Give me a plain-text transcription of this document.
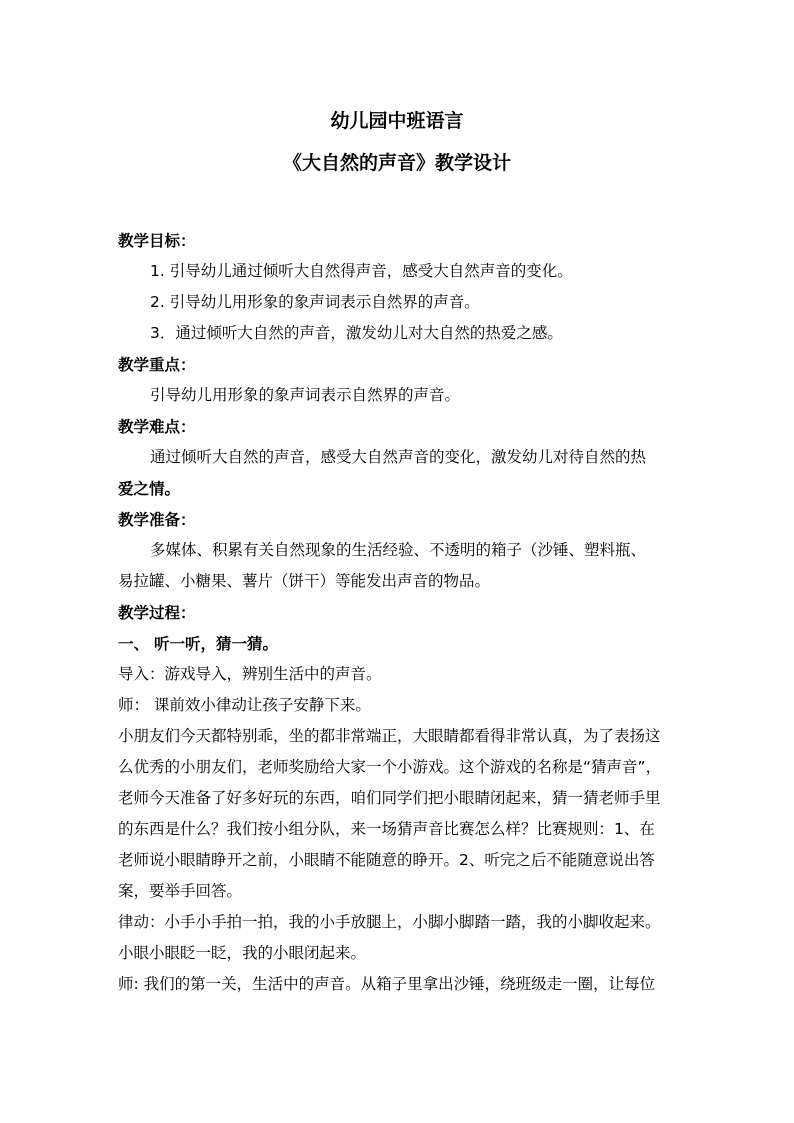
幼儿园中班语言
《大自然的声音》教学设计

教学目标：

1. 引导幼儿通过倾听大自然得声音，感受大自然声音的变化。

2. 引导幼儿用形象的象声词表示自然界的声音。

3．通过倾听大自然的声音，激发幼儿对大自然的热爱之感。

教学重点：

引导幼儿用形象的象声词表示自然界的声音。

教学难点：

通过倾听大自然的声音，感受大自然声音的变化，激发幼儿对待自然的热

爱之情。

教学准备：

多媒体、积累有关自然现象的生活经验、不透明的箱子（沙锤、塑料瓶、

易拉罐、小糖果、薯片（饼干）等能发出声音的物品。

教学过程：

一、 听一听，猜一猜。

导入：游戏导入，辨别生活中的声音。

师： 课前效小律动让孩子安静下来。

小朋友们今天都特别乖，坐的都非常端正，大眼睛都看得非常认真，为了表扬这

么优秀的小朋友们，老师奖励给大家一个小游戏。这个游戏的名称是“猜声音”，

老师今天准备了好多好玩的东西，咱们同学们把小眼睛闭起来，猜一猜老师手里

的东西是什么？我们按小组分队，来一场猜声音比赛怎么样？比赛规则：1、在

老师说小眼睛睁开之前，小眼睛不能随意的睁开。2、听完之后不能随意说出答

案，要举手回答。

律动：小手小手拍一拍，我的小手放腿上，小脚小脚踏一踏，我的小脚收起来。

小眼小眼眨一眨，我的小眼闭起来。

师: 我们的第一关，生活中的声音。从箱子里拿出沙锤，绕班级走一圈，让每位
